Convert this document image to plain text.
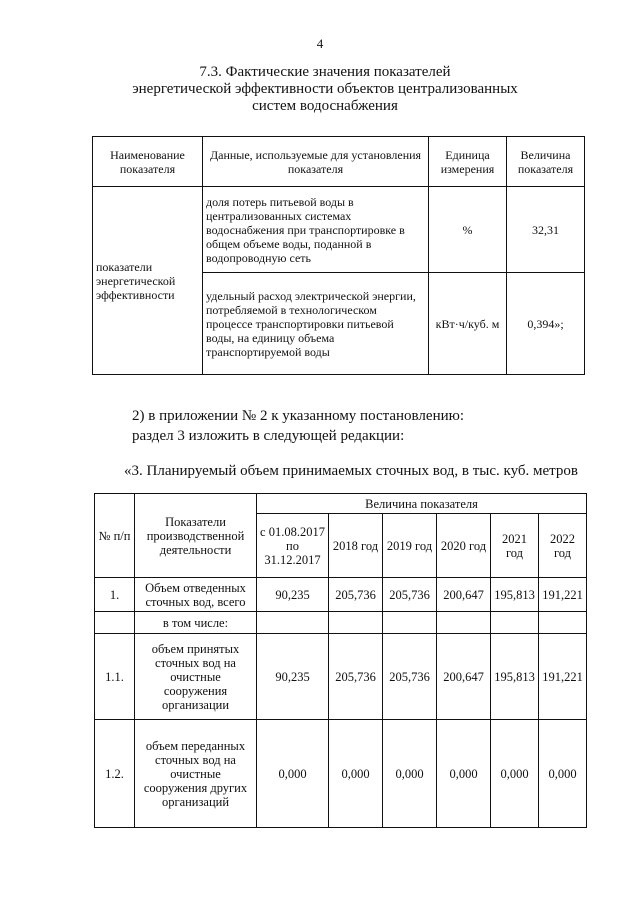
4
7.3. Фактические значения показателей
энергетической эффективности объектов централизованных
систем водоснабжения
Наименование показателя	Данные, используемые для установления показателя	Единица измерения	Величина показателя
показатели энергетической эффективности	доля потерь питьевой воды в централизованных системах водоснабжения при транспортировке в общем объеме воды, поданной в водопроводную сеть	%	32,31
	удельный расход электрической энергии, потребляемой в технологическом процессе транспортировки питьевой воды, на единицу объема транспортируемой воды	кВт·ч/куб. м	0,394»;
2) в приложении № 2 к указанному постановлению:
раздел 3 изложить в следующей редакции:
«3. Планируемый объем принимаемых сточных вод, в тыс. куб. метров
№ п/п	Показатели производственной деятельности	Величина показателя					
		с 01.08.2017 по 31.12.2017	2018 год	2019 год	2020 год	2021 год	2022 год
1.	Объем отведенных сточных вод, всего	90,235	205,736	205,736	200,647	195,813	191,221
	в том числе:						
1.1.	объем принятых сточных вод на очистные сооружения организации	90,235	205,736	205,736	200,647	195,813	191,221
1.2.	объем переданных сточных вод на очистные сооружения других организаций	0,000	0,000	0,000	0,000	0,000	0,000
